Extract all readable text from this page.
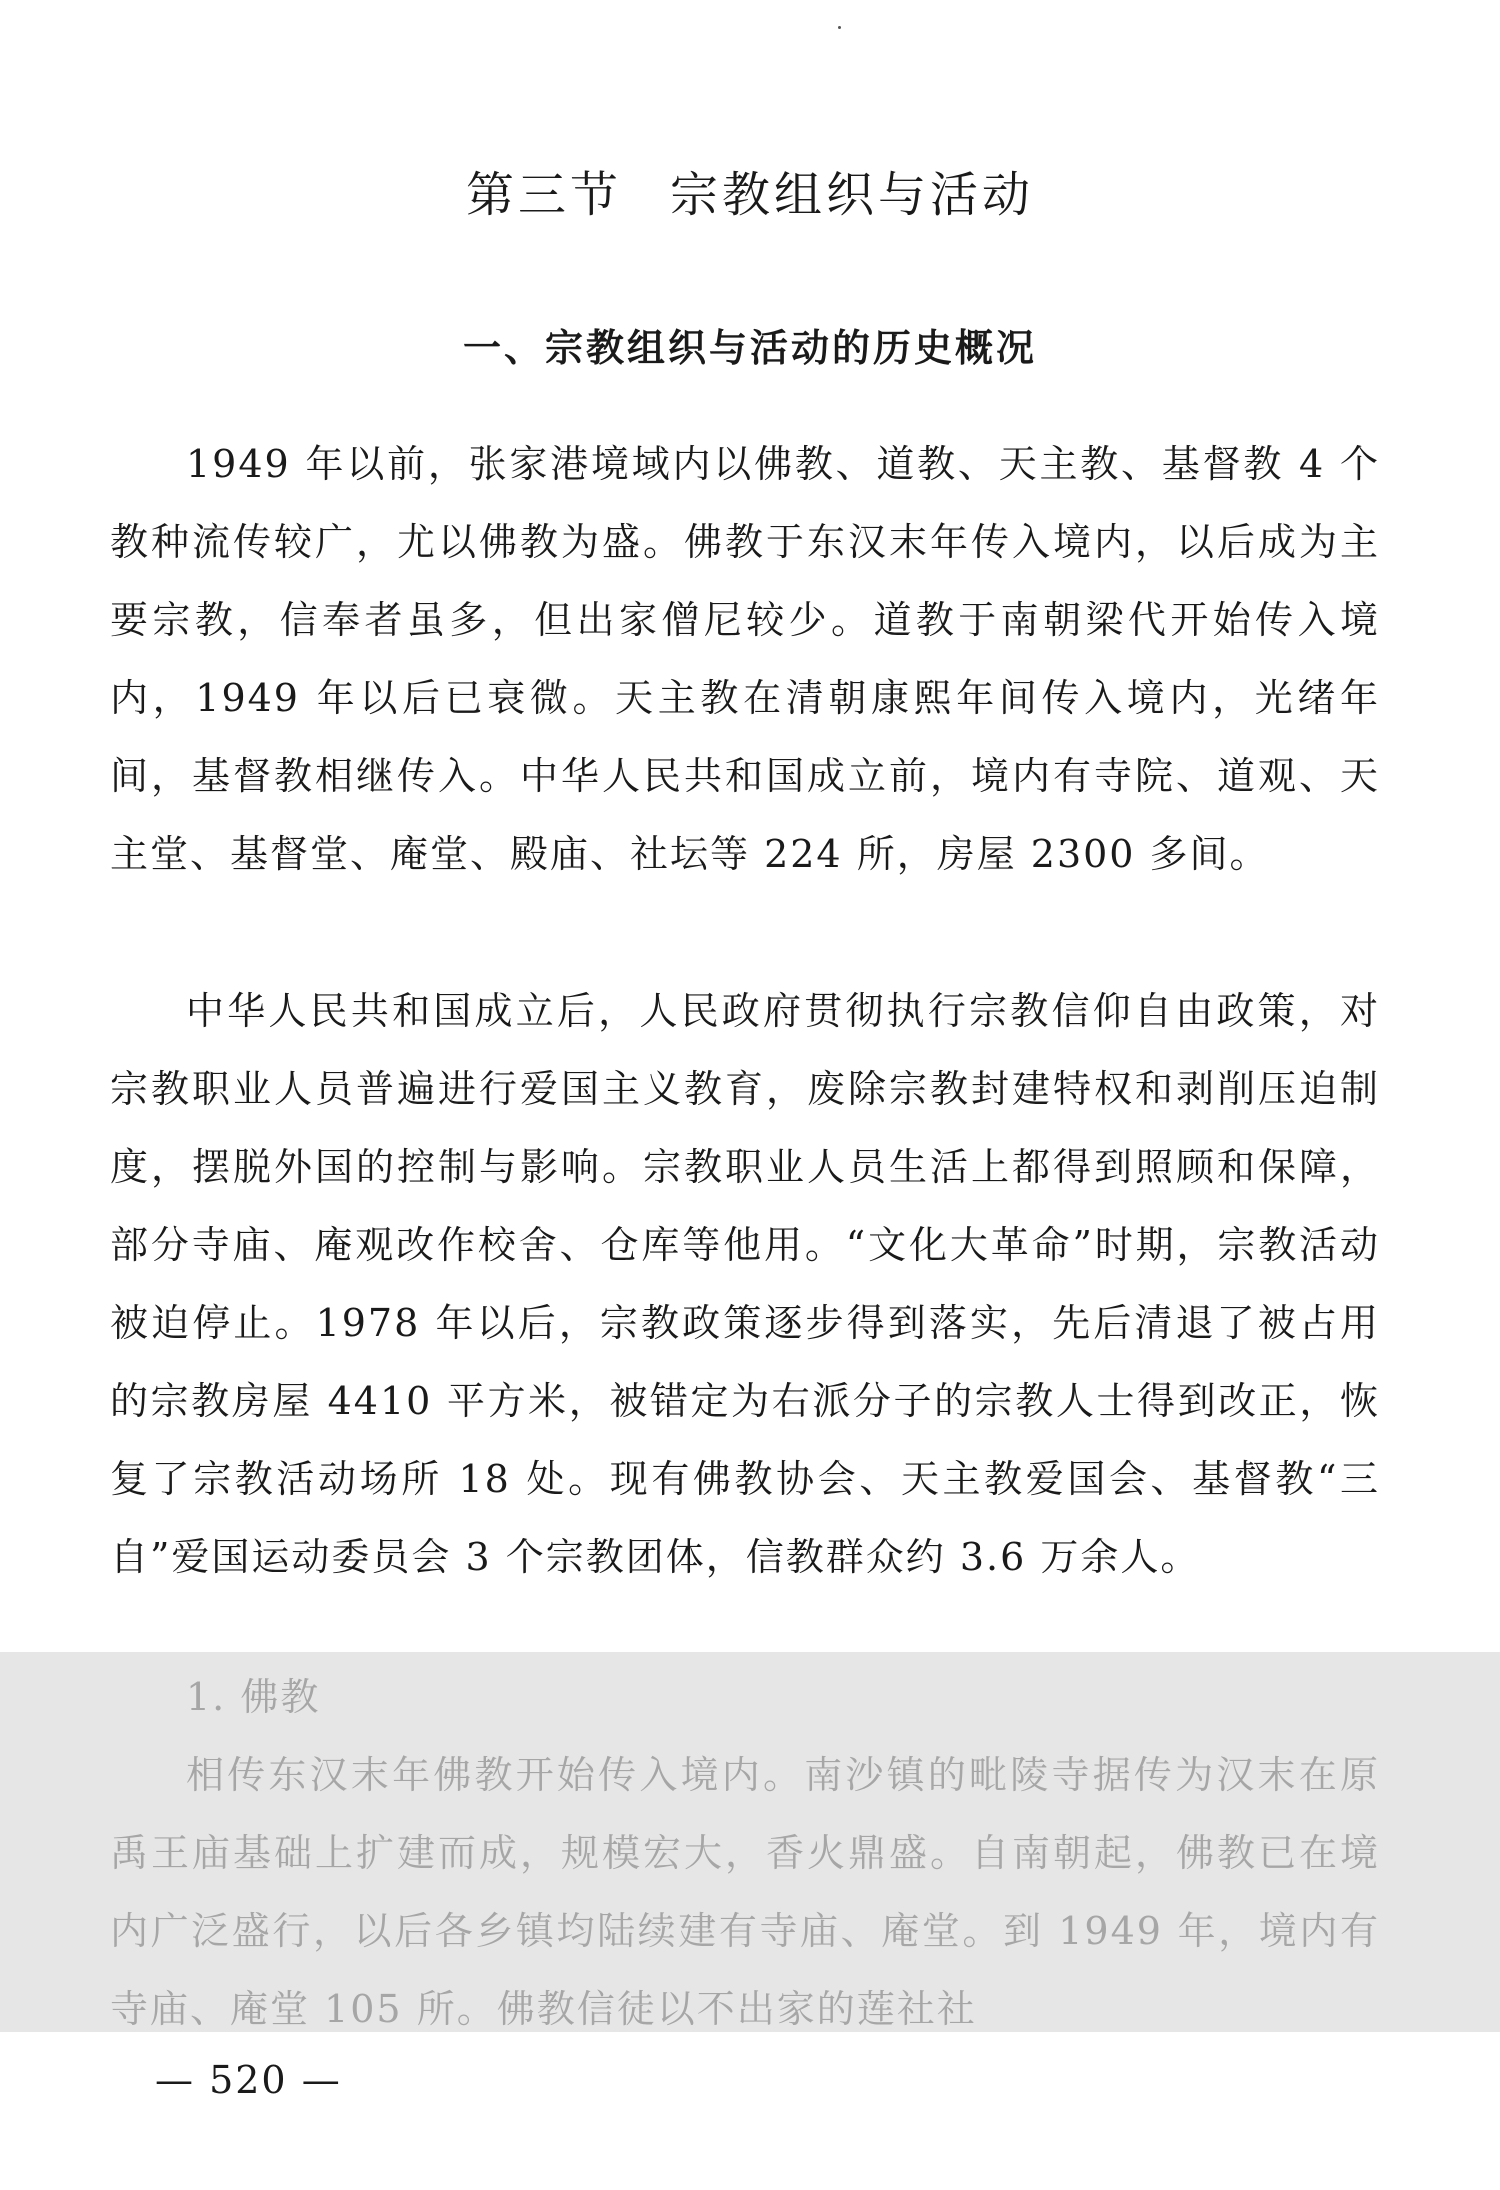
第三节 宗教组织与活动
一、宗教组织与活动的历史概况

1949 年以前，张家港境域内以佛教、道教、天主教、基督教 4 个教种流传较广，尤以佛教为盛。佛教于东汉末年传入境内，以后成为主要宗教，信奉者虽多，但出家僧尼较少。道教于南朝梁代开始传入境内，1949 年以后已衰微。天主教在清朝康熙年间传入境内，光绪年间，基督教相继传入。中华人民共和国成立前，境内有寺院、道观、天主堂、基督堂、庵堂、殿庙、社坛等 224 所，房屋 2300 多间。

中华人民共和国成立后，人民政府贯彻执行宗教信仰自由政策，对宗教职业人员普遍进行爱国主义教育，废除宗教封建特权和剥削压迫制度，摆脱外国的控制与影响。宗教职业人员生活上都得到照顾和保障，部分寺庙、庵观改作校舍、仓库等他用。“文化大革命”时期，宗教活动被迫停止。1978 年以后，宗教政策逐步得到落实，先后清退了被占用的宗教房屋 4410 平方米，被错定为右派分子的宗教人士得到改正，恢复了宗教活动场所 18 处。现有佛教协会、天主教爱国会、基督教“三自”爱国运动委员会 3 个宗教团体，信教群众约 3.6 万余人。

1. 佛教

相传东汉末年佛教开始传入境内。南沙镇的毗陵寺据传为汉末在原禹王庙基础上扩建而成，规模宏大，香火鼎盛。自南朝起，佛教已在境内广泛盛行，以后各乡镇均陆续建有寺庙、庵堂。到 1949 年，境内有寺庙、庵堂 105 所。佛教信徒以不出家的莲社社

— 520 —
